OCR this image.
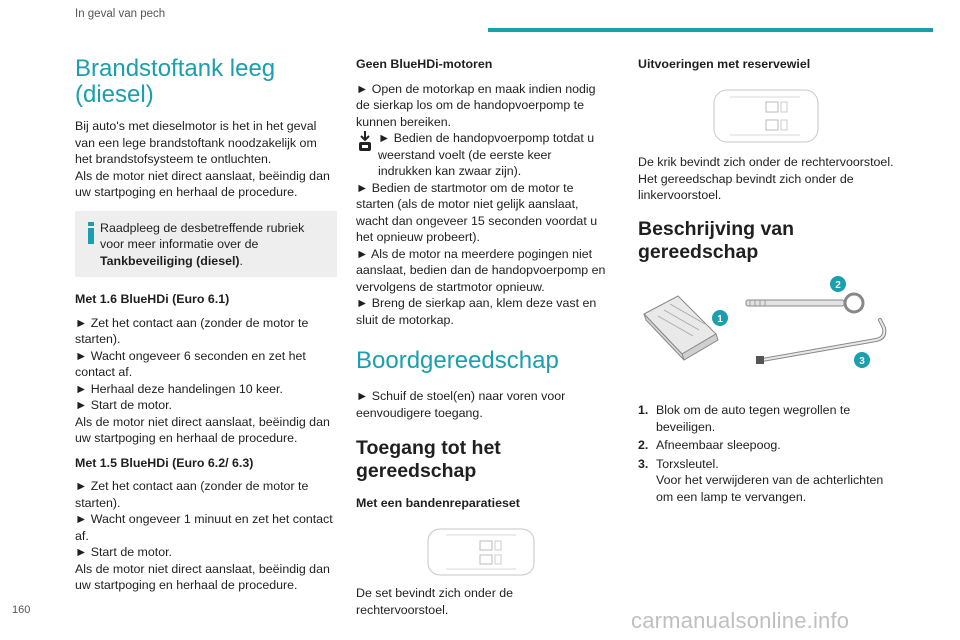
In geval van pech
Brandstoftank leeg (diesel)

Bij auto's met dieselmotor is het in het geval van een lege brandstoftank noodzakelijk om het brandstofsysteem te ontluchten.

Als de motor niet direct aanslaat, beëindig dan uw startpoging en herhaal de procedure.

Raadpleeg de desbetreffende rubriek voor meer informatie over de Tankbeveiliging (diesel).

Met 1.6 BlueHDi (Euro 6.1)

► Zet het contact aan (zonder de motor te starten).

► Wacht ongeveer 6 seconden en zet het contact af.

► Herhaal deze handelingen 10 keer.

► Start de motor.

Als de motor niet direct aanslaat, beëindig dan uw startpoging en herhaal de procedure.

Met 1.5 BlueHDi (Euro 6.2/ 6.3)

► Zet het contact aan (zonder de motor te starten).

► Wacht ongeveer 1 minuut en zet het contact af.

► Start de motor.

Als de motor niet direct aanslaat, beëindig dan uw startpoging en herhaal de procedure.

Geen BlueHDi-motoren

► Open de motorkap en maak indien nodig de sierkap los om de handopvoerpomp te kunnen bereiken.

► Bedien de handopvoerpomp totdat u weerstand voelt (de eerste keer indrukken kan zwaar zijn).

► Bedien de startmotor om de motor te starten (als de motor niet gelijk aanslaat, wacht dan ongeveer 15 seconden voordat u het opnieuw probeert).

► Als de motor na meerdere pogingen niet aanslaat, bedien dan de handopvoerpomp en vervolgens de startmotor opnieuw.

► Breng de sierkap aan, klem deze vast en sluit de motorkap.

Boordgereedschap

► Schuif de stoel(en) naar voren voor eenvoudigere toegang.

Toegang tot het gereedschap

Met een bandenreparatieset

De set bevindt zich onder de rechtervoorstoel.

Uitvoeringen met reservewiel

De krik bevindt zich onder de rechtervoorstoel.

Het gereedschap bevindt zich onder de linkervoorstoel.

Beschrijving van gereedschap
1
2
3
1. Blok om de auto tegen wegrollen te beveiligen.
2. Afneembaar sleepoog.
3. Torxsleutel.
Voor het verwijderen van de achterlichten om een lamp te vervangen.
160	carmanualsonline.info
